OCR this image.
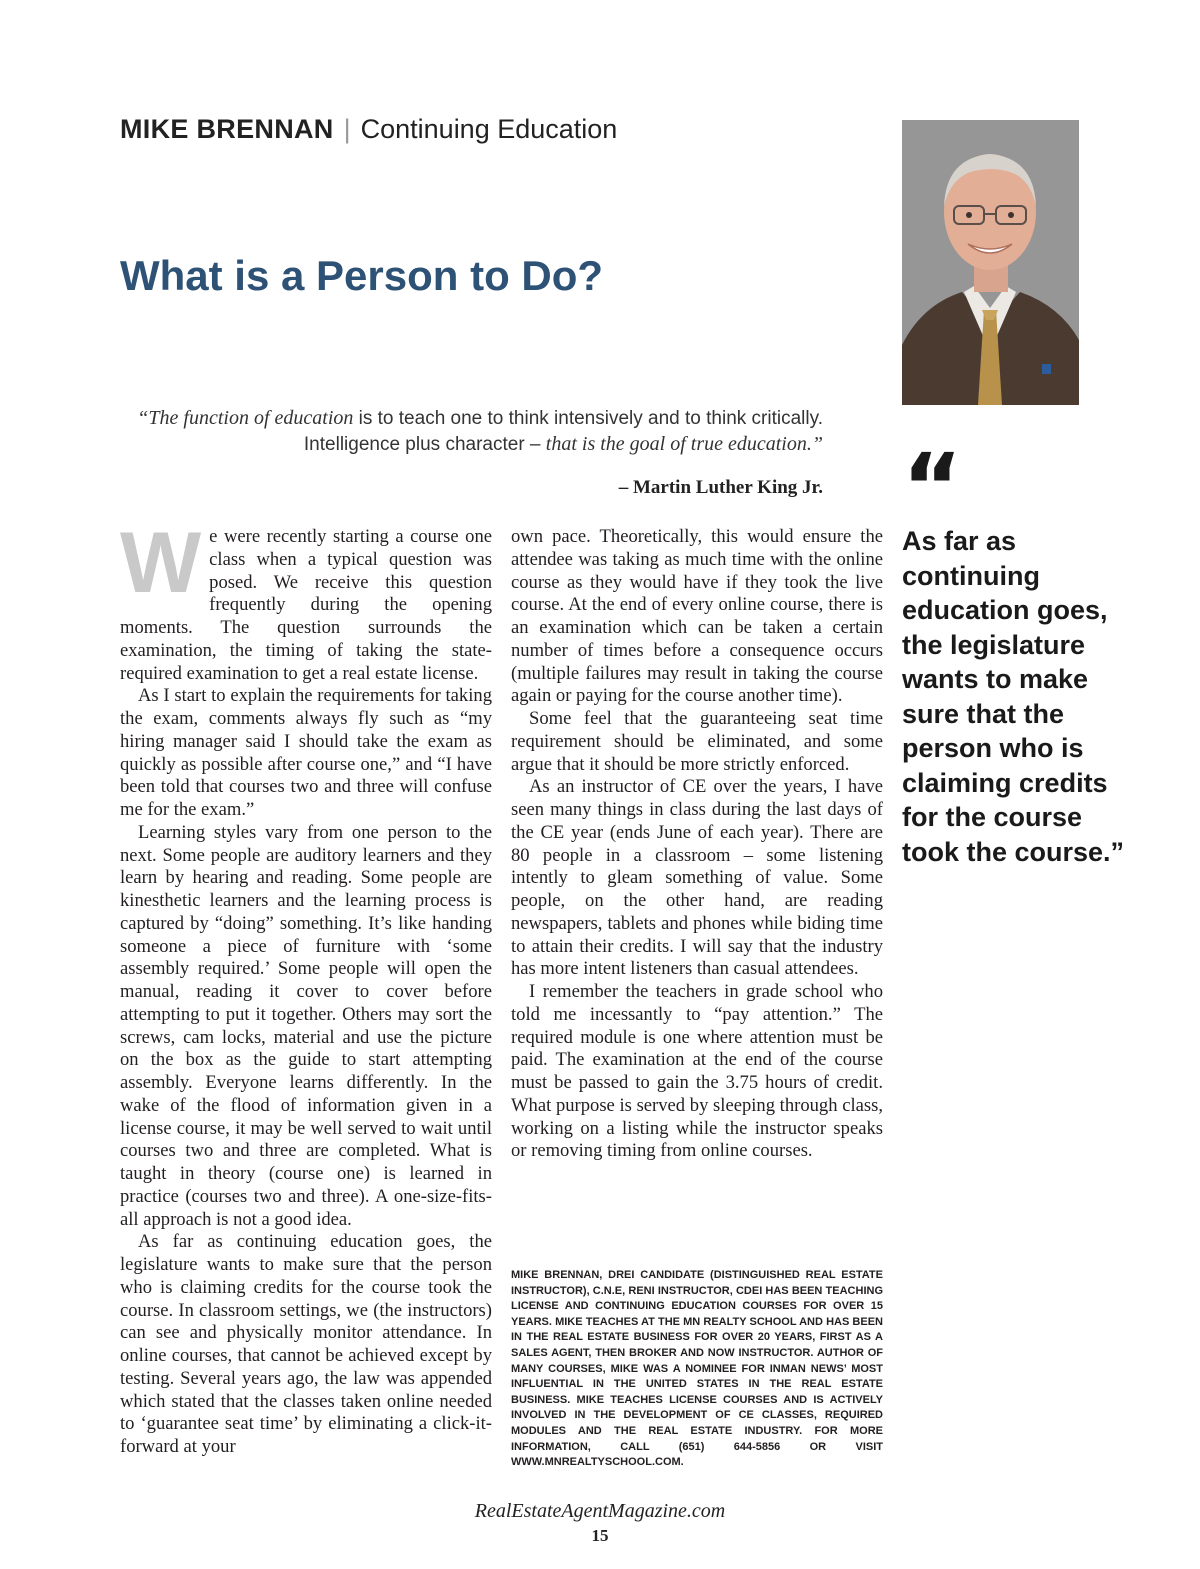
MIKE BRENNAN | Continuing Education
What is a Person to Do?

“The function of education is to teach one to think intensively and to think critically. Intelligence plus character – that is the goal of true education.”

– Martin Luther King Jr. “

As far as continuing education goes, the legislature wants to make sure that the person who is claiming credits for the course took the course.”

We were recently starting a course one class when a typical question was posed. We receive this question frequently during the opening moments. The question surrounds the examination, the timing of taking the state-required examination to get a real estate license.

As I start to explain the requirements for taking the exam, comments always fly such as “my hiring manager said I should take the exam as quickly as possible after course one,” and “I have been told that courses two and three will confuse me for the exam.”

Learning styles vary from one person to the next. Some people are auditory learners and they learn by hearing and reading. Some people are kinesthetic learners and the learning process is captured by “doing” something. It’s like handing someone a piece of furniture with ‘some assembly required.’ Some people will open the manual, reading it cover to cover before attempting to put it together. Others may sort the screws, cam locks, material and use the picture on the box as the guide to start attempting assembly. Everyone learns differently. In the wake of the flood of information given in a license course, it may be well served to wait until courses two and three are completed. What is taught in theory (course one) is learned in practice (courses two and three). A one-size-fits-all approach is not a good idea.

As far as continuing education goes, the legislature wants to make sure that the person who is claiming credits for the course took the course. In classroom settings, we (the instructors) can see and physically monitor attendance. In online courses, that cannot be achieved except by testing. Several years ago, the law was appended which stated that the classes taken online needed to ‘guarantee seat time’ by eliminating a click-it-forward at your

own pace. Theoretically, this would ensure the attendee was taking as much time with the online course as they would have if they took the live course. At the end of every online course, there is an examination which can be taken a certain number of times before a consequence occurs (multiple failures may result in taking the course again or paying for the course another time).

Some feel that the guaranteeing seat time requirement should be eliminated, and some argue that it should be more strictly enforced.

As an instructor of CE over the years, I have seen many things in class during the last days of the CE year (ends June of each year). There are 80 people in a classroom – some listening intently to gleam something of value. Some people, on the other hand, are reading newspapers, tablets and phones while biding time to attain their credits. I will say that the industry has more intent listeners than casual attendees.

I remember the teachers in grade school who told me incessantly to “pay attention.” The required module is one where attention must be paid. The examination at the end of the course must be passed to gain the 3.75 hours of credit. What purpose is served by sleeping through class, working on a listing while the instructor speaks or removing timing from online courses.

MIKE BRENNAN, DREI CANDIDATE (DISTINGUISHED REAL ESTATE INSTRUCTOR), C.N.E, RENI INSTRUCTOR, CDEI HAS BEEN TEACHING LICENSE AND CONTINUING EDUCATION COURSES FOR OVER 15 YEARS. MIKE TEACHES AT THE MN REALTY SCHOOL AND HAS BEEN IN THE REAL ESTATE BUSINESS FOR OVER 20 YEARS, FIRST AS A SALES AGENT, THEN BROKER AND NOW INSTRUCTOR. AUTHOR OF MANY COURSES, MIKE WAS A NOMINEE FOR INMAN NEWS’ MOST INFLUENTIAL IN THE UNITED STATES IN THE REAL ESTATE BUSINESS. MIKE TEACHES LICENSE COURSES AND IS ACTIVELY INVOLVED IN THE DEVELOPMENT OF CE CLASSES, REQUIRED MODULES AND THE REAL ESTATE INDUSTRY. FOR MORE INFORMATION, CALL (651) 644-5856 OR VISIT WWW.MNREALTYSCHOOL.COM.

RealEstateAgentMagazine.com
15
